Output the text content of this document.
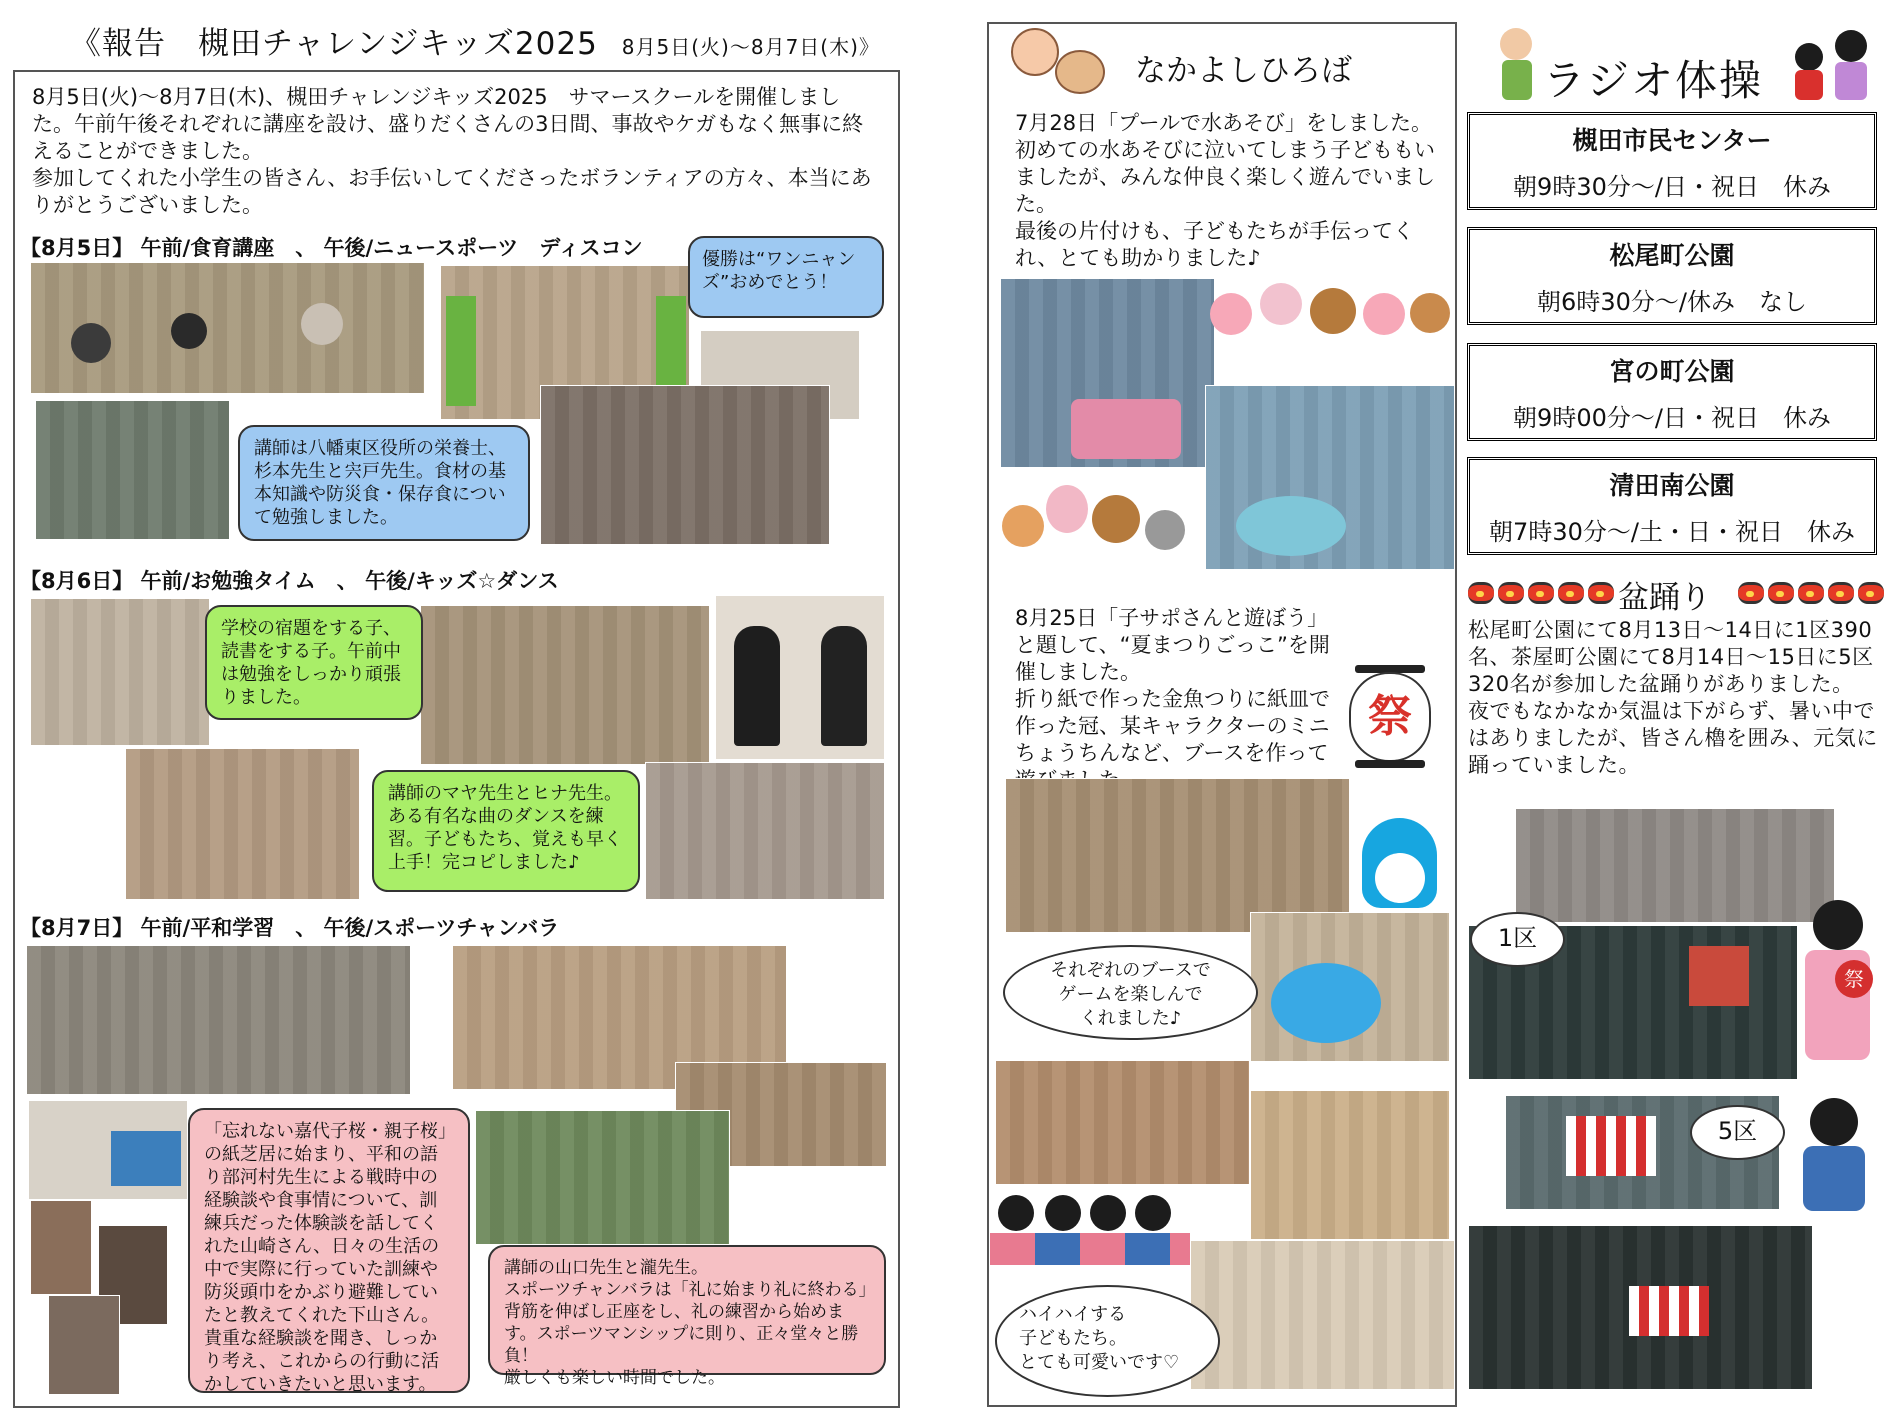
《報告　槻田チャレンジキッズ2025 8月5日(火)～8月7日(木)》
8月5日(火)～8月7日(木)、槻田チャレンジキッズ2025　サマースクールを開催しました。午前午後それぞれに講座を設け、盛りだくさんの3日間、事故やケガもなく無事に終えることができました。
参加してくれた小学生の皆さん、お手伝いしてくださったボランティアの方々、本当にありがとうございました。
【8月5日】 午前/食育講座　、 午後/ニュースポーツ　ディスコン	優勝は“ワンニャンズ”おめでとう！
講師は八幡東区役所の栄養士、杉本先生と宍戸先生。食材の基本知識や防災食・保存食について勉強しました。
【8月6日】 午前/お勉強タイム　、 午後/キッズ☆ダンス
学校の宿題をする子、読書をする子。午前中は勉強をしっかり頑張りました。
講師のマヤ先生とヒナ先生。ある有名な曲のダンスを練習。子どもたち、覚えも早く上手！完コピしました♪
【8月7日】 午前/平和学習　、 午後/スポーツチャンバラ
「忘れない嘉代子桜・親子桜」の紙芝居に始まり、平和の語り部河村先生による戦時中の経験談や食事情について、訓練兵だった体験談を話してくれた山崎さん、日々の生活の中で実際に行っていた訓練や防災頭巾をかぶり避難していたと教えてくれた下山さん。
貴重な経験談を聞き、しっかり考え、これからの行動に活かしていきたいと思います。
講師の山口先生と瀧先生。
スポーツチャンバラは「礼に始まり礼に終わる」背筋を伸ばし正座をし、礼の練習から始めます。スポーツマンシップに則り、正々堂々と勝負！
厳しくも楽しい時間でした。
なかよしひろば
7月28日「プールで水あそび」をしました。
初めての水あそびに泣いてしまう子どももいましたが、みんな仲良く楽しく遊んでいました。
最後の片付けも、子どもたちが手伝ってくれ、とても助かりました♪
8月25日「子サポさんと遊ぼう」と題して、“夏まつりごっこ”を開催しました。
折り紙で作った金魚つりに紙皿で作った冠、某キャラクターのミニちょうちんなど、ブースを作って
祭
それぞれのブースで
ゲームを楽しんで
くれました♪
ハイハイする
子どもたち。
とても可愛いです♡
ラジオ体操
槻田市民センター
朝9時30分～/日・祝日　休み
松尾町公園
朝6時30分～/休み　なし
宮の町公園
朝9時00分～/日・祝日　休み
清田南公園
朝7時30分～/土・日・祝日　休み
盆踊り
松尾町公園にて8月13日～14日に1区390名、茶屋町公園にて8月14日～15日に5区320名が参加した盆踊りがありました。
夜でもなかなか気温は下がらず、暑い中ではありましたが、皆さん櫓を囲み、元気に踊っていました。
1区
祭
5区
